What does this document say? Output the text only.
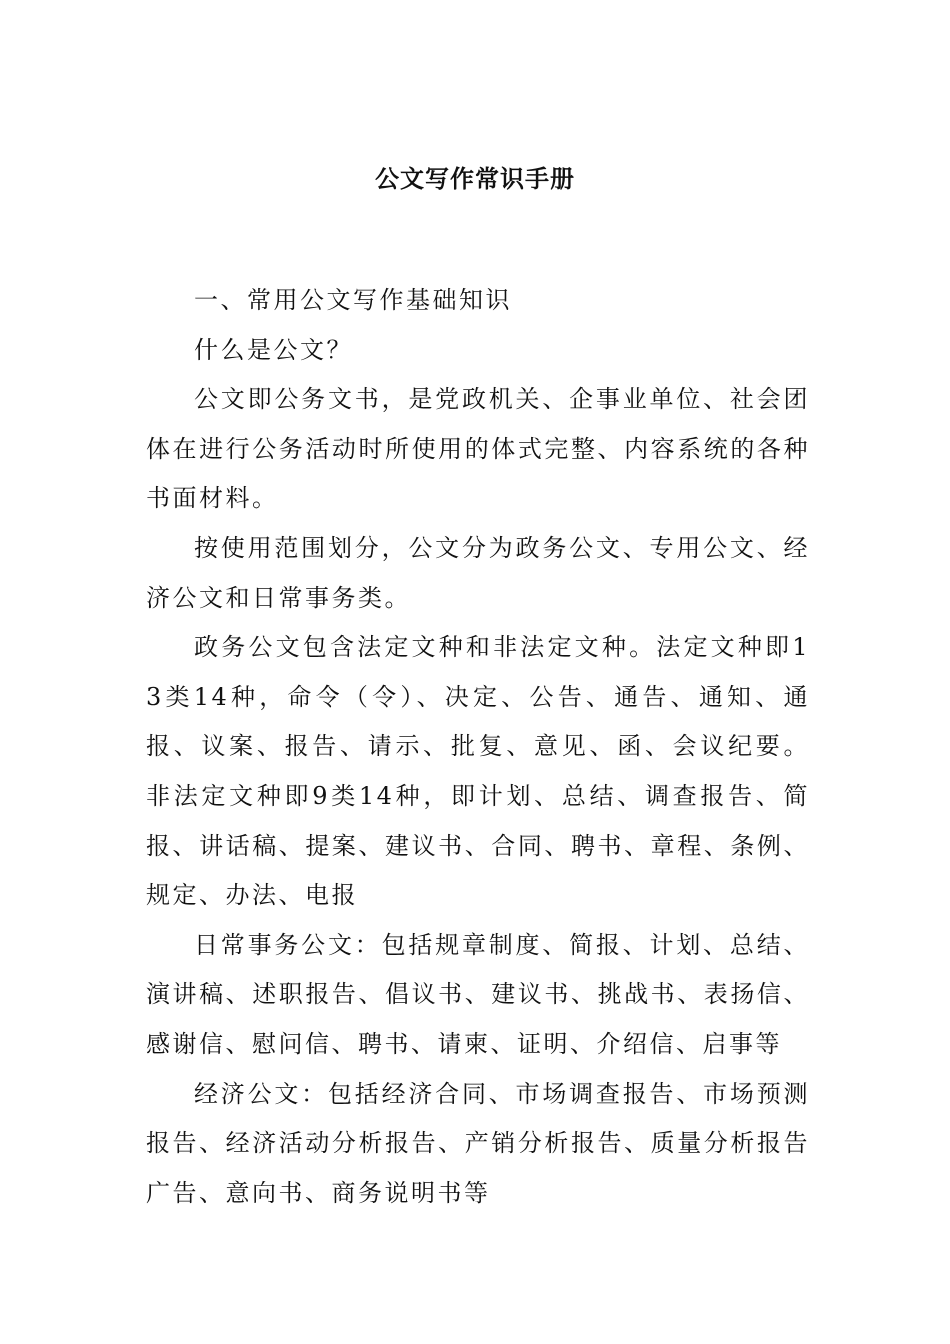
公文写作常识手册

一、常用公文写作基础知识

什么是公文？

公文即公务文书，是党政机关、企事业单位、社会团体在进行公务活动时所使用的体式完整、内容系统的各种书面材料。

按使用范围划分，公文分为政务公文、专用公文、经济公文和日常事务类。

政务公文包含法定文种和非法定文种。法定文种即13类14种，命令（令）、决定、公告、通告、通知、通报、议案、报告、请示、批复、意见、函、会议纪要。 非法定文种即9类14种，即计划、总结、调查报告、简报、讲话稿、提案、建议书、合同、聘书、章程、条例、规定、办法、电报

日常事务公文：包括规章制度、简报、计划、总结、演讲稿、述职报告、倡议书、建议书、挑战书、表扬信、感谢信、慰问信、聘书、请柬、证明、介绍信、启事等

经济公文：包括经济合同、市场调查报告、市场预测报告、经济活动分析报告、产销分析报告、质量分析报告广告、意向书、商务说明书等
